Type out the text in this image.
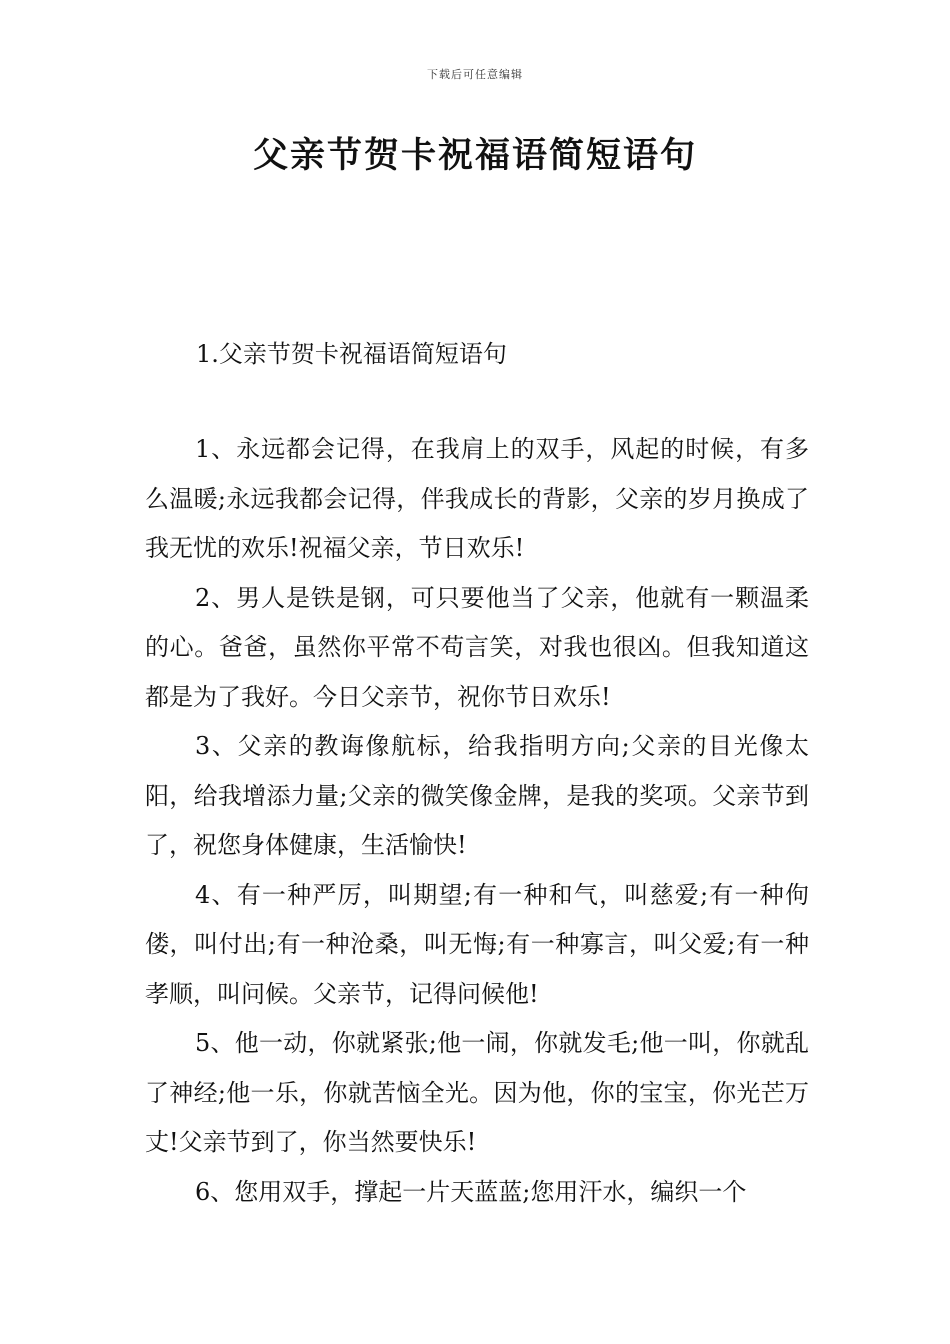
下载后可任意编辑
父亲节贺卡祝福语简短语句

1.父亲节贺卡祝福语简短语句

1、永远都会记得，在我肩上的双手，风起的时候，有多么温暖;永远我都会记得，伴我成长的背影，父亲的岁月换成了我无忧的欢乐!祝福父亲，节日欢乐!

2、男人是铁是钢，可只要他当了父亲，他就有一颗温柔的心。爸爸，虽然你平常不苟言笑，对我也很凶。但我知道这都是为了我好。今日父亲节，祝你节日欢乐!

3、父亲的教诲像航标，给我指明方向;父亲的目光像太阳，给我增添力量;父亲的微笑像金牌，是我的奖项。父亲节到了，祝您身体健康，生活愉快!

4、有一种严厉，叫期望;有一种和气，叫慈爱;有一种佝偻，叫付出;有一种沧桑，叫无悔;有一种寡言，叫父爱;有一种孝顺，叫问候。父亲节，记得问候他!

5、他一动，你就紧张;他一闹，你就发毛;他一叫，你就乱了神经;他一乐，你就苦恼全光。因为他，你的宝宝，你光芒万丈!父亲节到了，你当然要快乐!

6、您用双手，撑起一片天蓝蓝;您用汗水，编织一个
